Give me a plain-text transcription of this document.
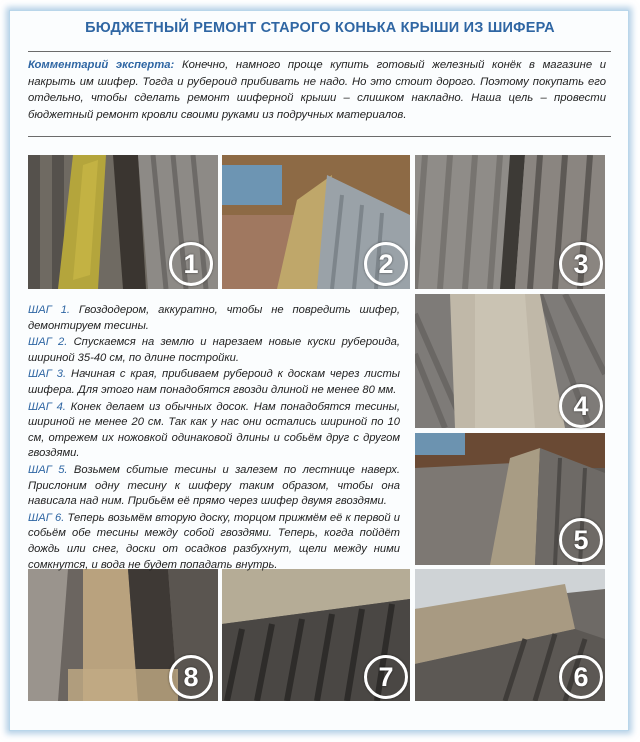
БЮДЖЕТНЫЙ РЕМОНТ СТАРОГО КОНЬКА КРЫШИ ИЗ ШИФЕРА
Комментарий эксперта: Конечно, намного проще купить готовый железный конёк в магазине и накрыть им шифер. Тогда и рубероид прибивать не надо. Но это стоит дорого. Поэтому покупать его отдельно, чтобы сделать ремонт шиферной крыши – слишком накладно. Наша цель – провести бюджетный ремонт кровли своими руками из подручных материалов.
1	2	3
4
5
8	7	6

ШАГ 1. Гвоздодером, аккуратно, чтобы не повредить шифер, демонтируем тесины.

ШАГ 2. Спускаемся на землю и нарезаем новые куски рубероида, шириной 35-40 см, по длине постройки.

ШАГ 3. Начиная с края, прибиваем рубероид к доскам через листы шифера. Для этого нам понадобятся гвозди длиной не менее 80 мм.

ШАГ 4. Конек делаем из обычных досок. Нам понадобятся тесины, шириной не менее 20 см. Так как у нас они остались шириной по 10 см, отрежем их ножовкой одинаковой длины и собьём друг с другом гвоздями.

ШАГ 5. Возьмем сбитые тесины и залезем по лестнице наверх. Прислоним одну тесину к шиферу таким образом, чтобы она нависала над ним. Прибьём её прямо через шифер двумя гвоздями.

ШАГ 6. Теперь возьмём вторую доску, торцом прижмём её к первой и собьём обе тесины между собой гвоздями. Теперь, когда пойдёт дождь или снег, доски от осадков разбухнут, щели между ними сомкнутся, и вода не будет попадать внутрь.
